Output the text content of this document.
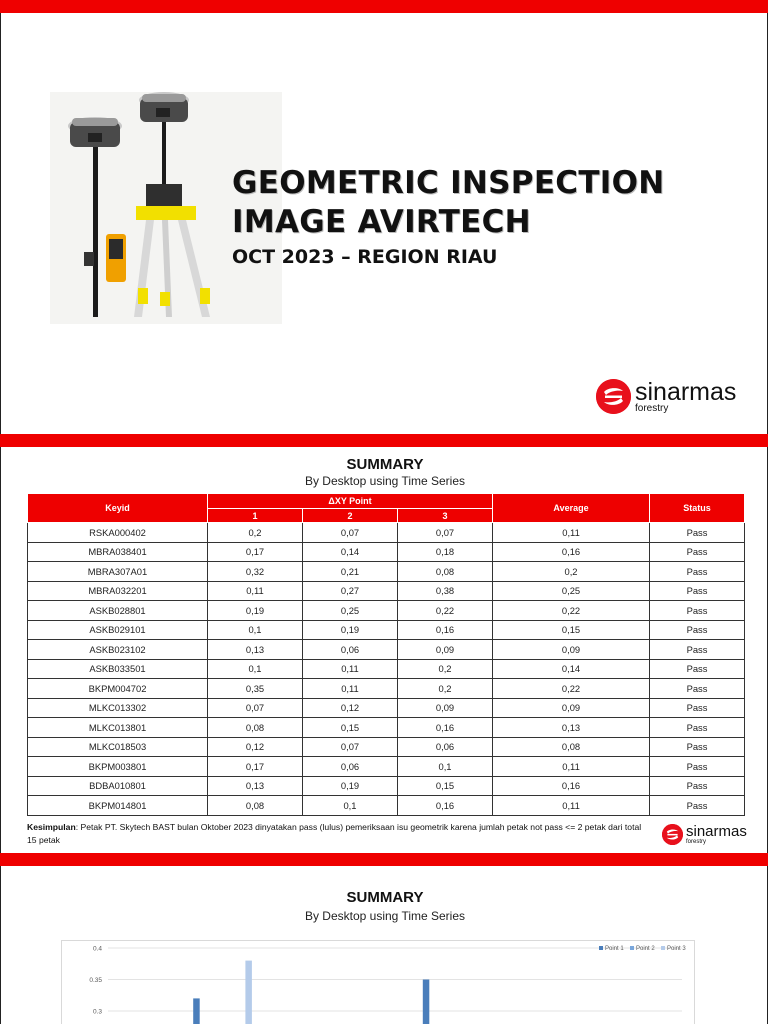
GEOMETRIC INSPECTION
IMAGE AVIRTECH
OCT 2023 – REGION RIAU
sinarmas
forestry
SUMMARY
By Desktop using Time Series
Keyid	ΔXY Point			Average	Status
	1	2	3		
RSKA000402	0,2	0,07	0,07	0,11	Pass
MBRA038401	0,17	0,14	0,18	0,16	Pass
MBRA307A01	0,32	0,21	0,08	0,2	Pass
MBRA032201	0,11	0,27	0,38	0,25	Pass
ASKB028801	0,19	0,25	0,22	0,22	Pass
ASKB029101	0,1	0,19	0,16	0,15	Pass
ASKB023102	0,13	0,06	0,09	0,09	Pass
ASKB033501	0,1	0,11	0,2	0,14	Pass
BKPM004702	0,35	0,11	0,2	0,22	Pass
MLKC013302	0,07	0,12	0,09	0,09	Pass
MLKC013801	0,08	0,15	0,16	0,13	Pass
MLKC018503	0,12	0,07	0,06	0,08	Pass
BKPM003801	0,17	0,06	0,1	0,11	Pass
BDBA010801	0,13	0,19	0,15	0,16	Pass
BKPM014801	0,08	0,1	0,16	0,11	Pass
Kesimpulan: Petak PT. Skytech BAST bulan Oktober 2023 dinyatakan pass (lulus) pemeriksaan isu geometrik karena jumlah petak not pass <= 2 petak dari total 15 petak	sinarmas
forestry
SUMMARY
By Desktop using Time Series
0.4
0.35
0.3
Point 1 Point 2 Point 3
